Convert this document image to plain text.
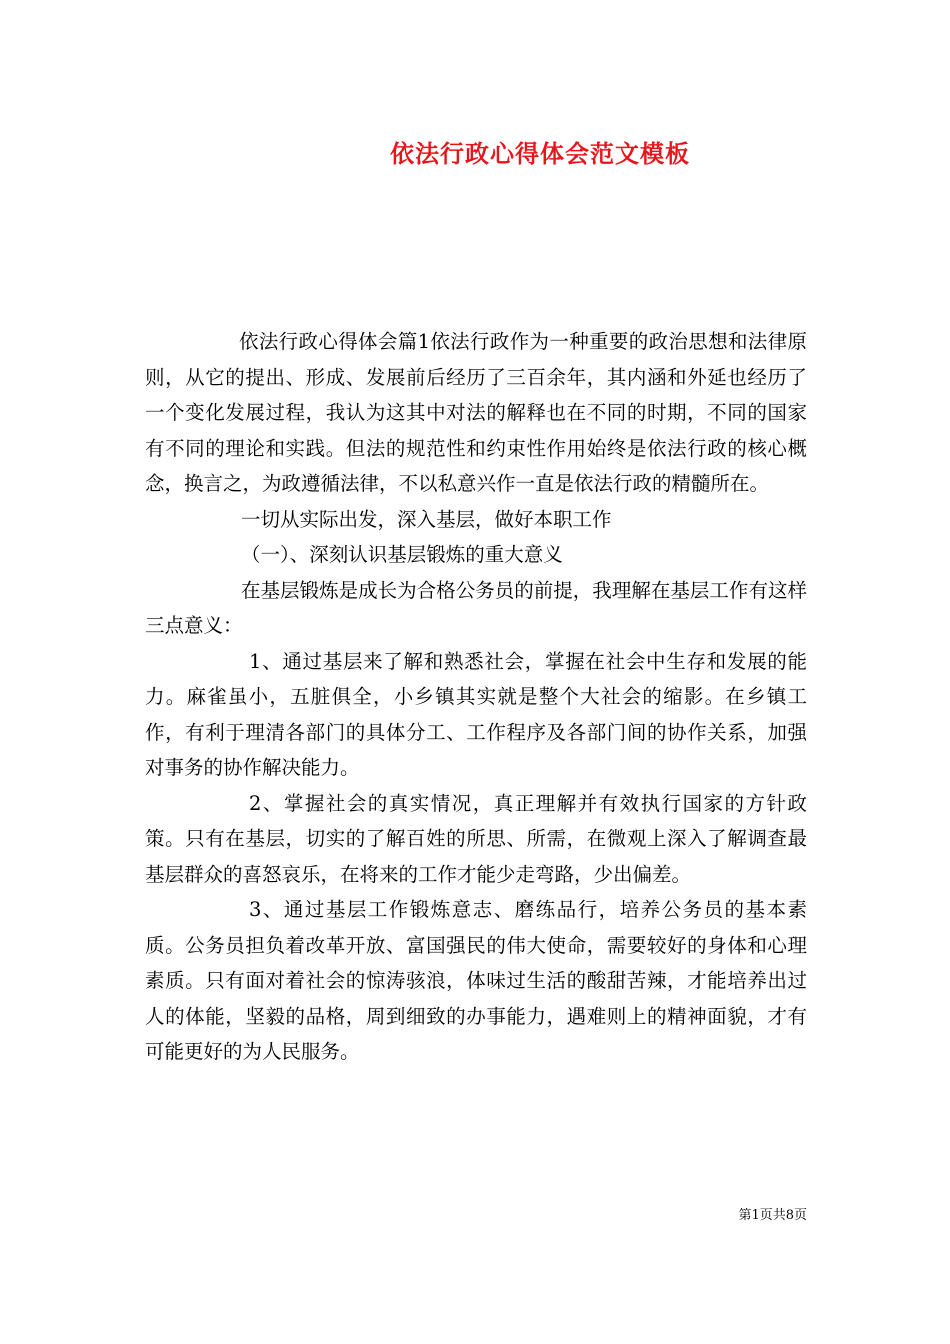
依法行政心得体会范文模板

依法行政心得体会篇1依法行政作为一种重要的政治思想和法律原则，从它的提出、形成、发展前后经历了三百余年，其内涵和外延也经历了一个变化发展过程，我认为这其中对法的解释也在不同的时期，不同的国家有不同的理论和实践。但法的规范性和约束性作用始终是依法行政的核心概念，换言之，为政遵循法律，不以私意兴作一直是依法行政的精髓所在。

一切从实际出发，深入基层，做好本职工作

（一）、深刻认识基层锻炼的重大意义

在基层锻炼是成长为合格公务员的前提，我理解在基层工作有这样三点意义：

1、通过基层来了解和熟悉社会，掌握在社会中生存和发展的能力。麻雀虽小，五脏俱全，小乡镇其实就是整个大社会的缩影。在乡镇工作，有利于理清各部门的具体分工、工作程序及各部门间的协作关系，加强对事务的协作解决能力。

2、掌握社会的真实情况，真正理解并有效执行国家的方针政策。只有在基层，切实的了解百姓的所思、所需，在微观上深入了解调查最基层群众的喜怒哀乐，在将来的工作才能少走弯路，少出偏差。

3、通过基层工作锻炼意志、磨练品行，培养公务员的基本素质。公务员担负着改革开放、富国强民的伟大使命，需要较好的身体和心理素质。只有面对着社会的惊涛骇浪，体味过生活的酸甜苦辣，才能培养出过人的体能，坚毅的品格，周到细致的办事能力，遇难则上的精神面貌，才有可能更好的为人民服务。

第1页共8页
